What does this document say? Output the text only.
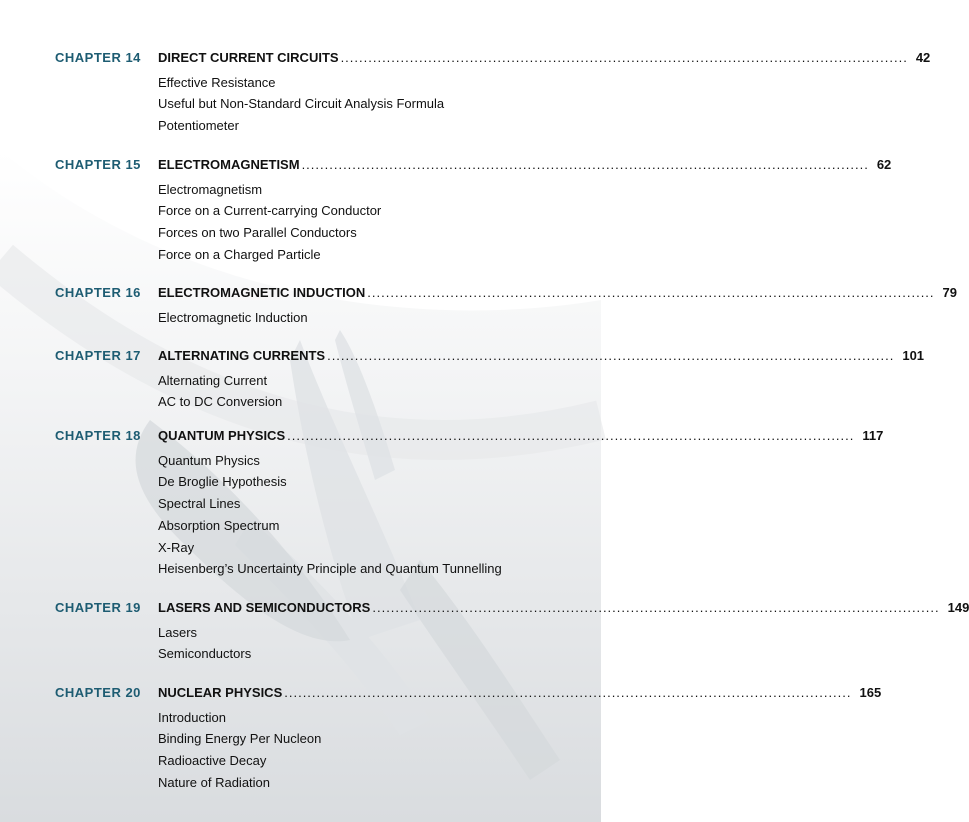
CHAPTER 14 DIRECT CURRENT CIRCUITS ........................................................................................................................... 42
Effective Resistance
Useful but Non-Standard Circuit Analysis Formula
Potentiometer
CHAPTER 15 ELECTROMAGNETISM ........................................................................................................................... 62
Electromagnetism
Force on a Current-carrying Conductor
Forces on two Parallel Conductors
Force on a Charged Particle
CHAPTER 16 ELECTROMAGNETIC INDUCTION ........................................................................................................................... 79
Electromagnetic Induction
CHAPTER 17 ALTERNATING CURRENTS ........................................................................................................................... 101
Alternating Current
AC to DC Conversion
CHAPTER 18 QUANTUM PHYSICS ........................................................................................................................... 117
Quantum Physics
De Broglie Hypothesis
Spectral Lines
Absorption Spectrum
X-Ray
Heisenberg’s Uncertainty Principle and Quantum Tunnelling
CHAPTER 19 LASERS AND SEMICONDUCTORS ........................................................................................................................... 149
Lasers
Semiconductors
CHAPTER 20 NUCLEAR PHYSICS ........................................................................................................................... 165
Introduction
Binding Energy Per Nucleon
Radioactive Decay
Nature of Radiation
